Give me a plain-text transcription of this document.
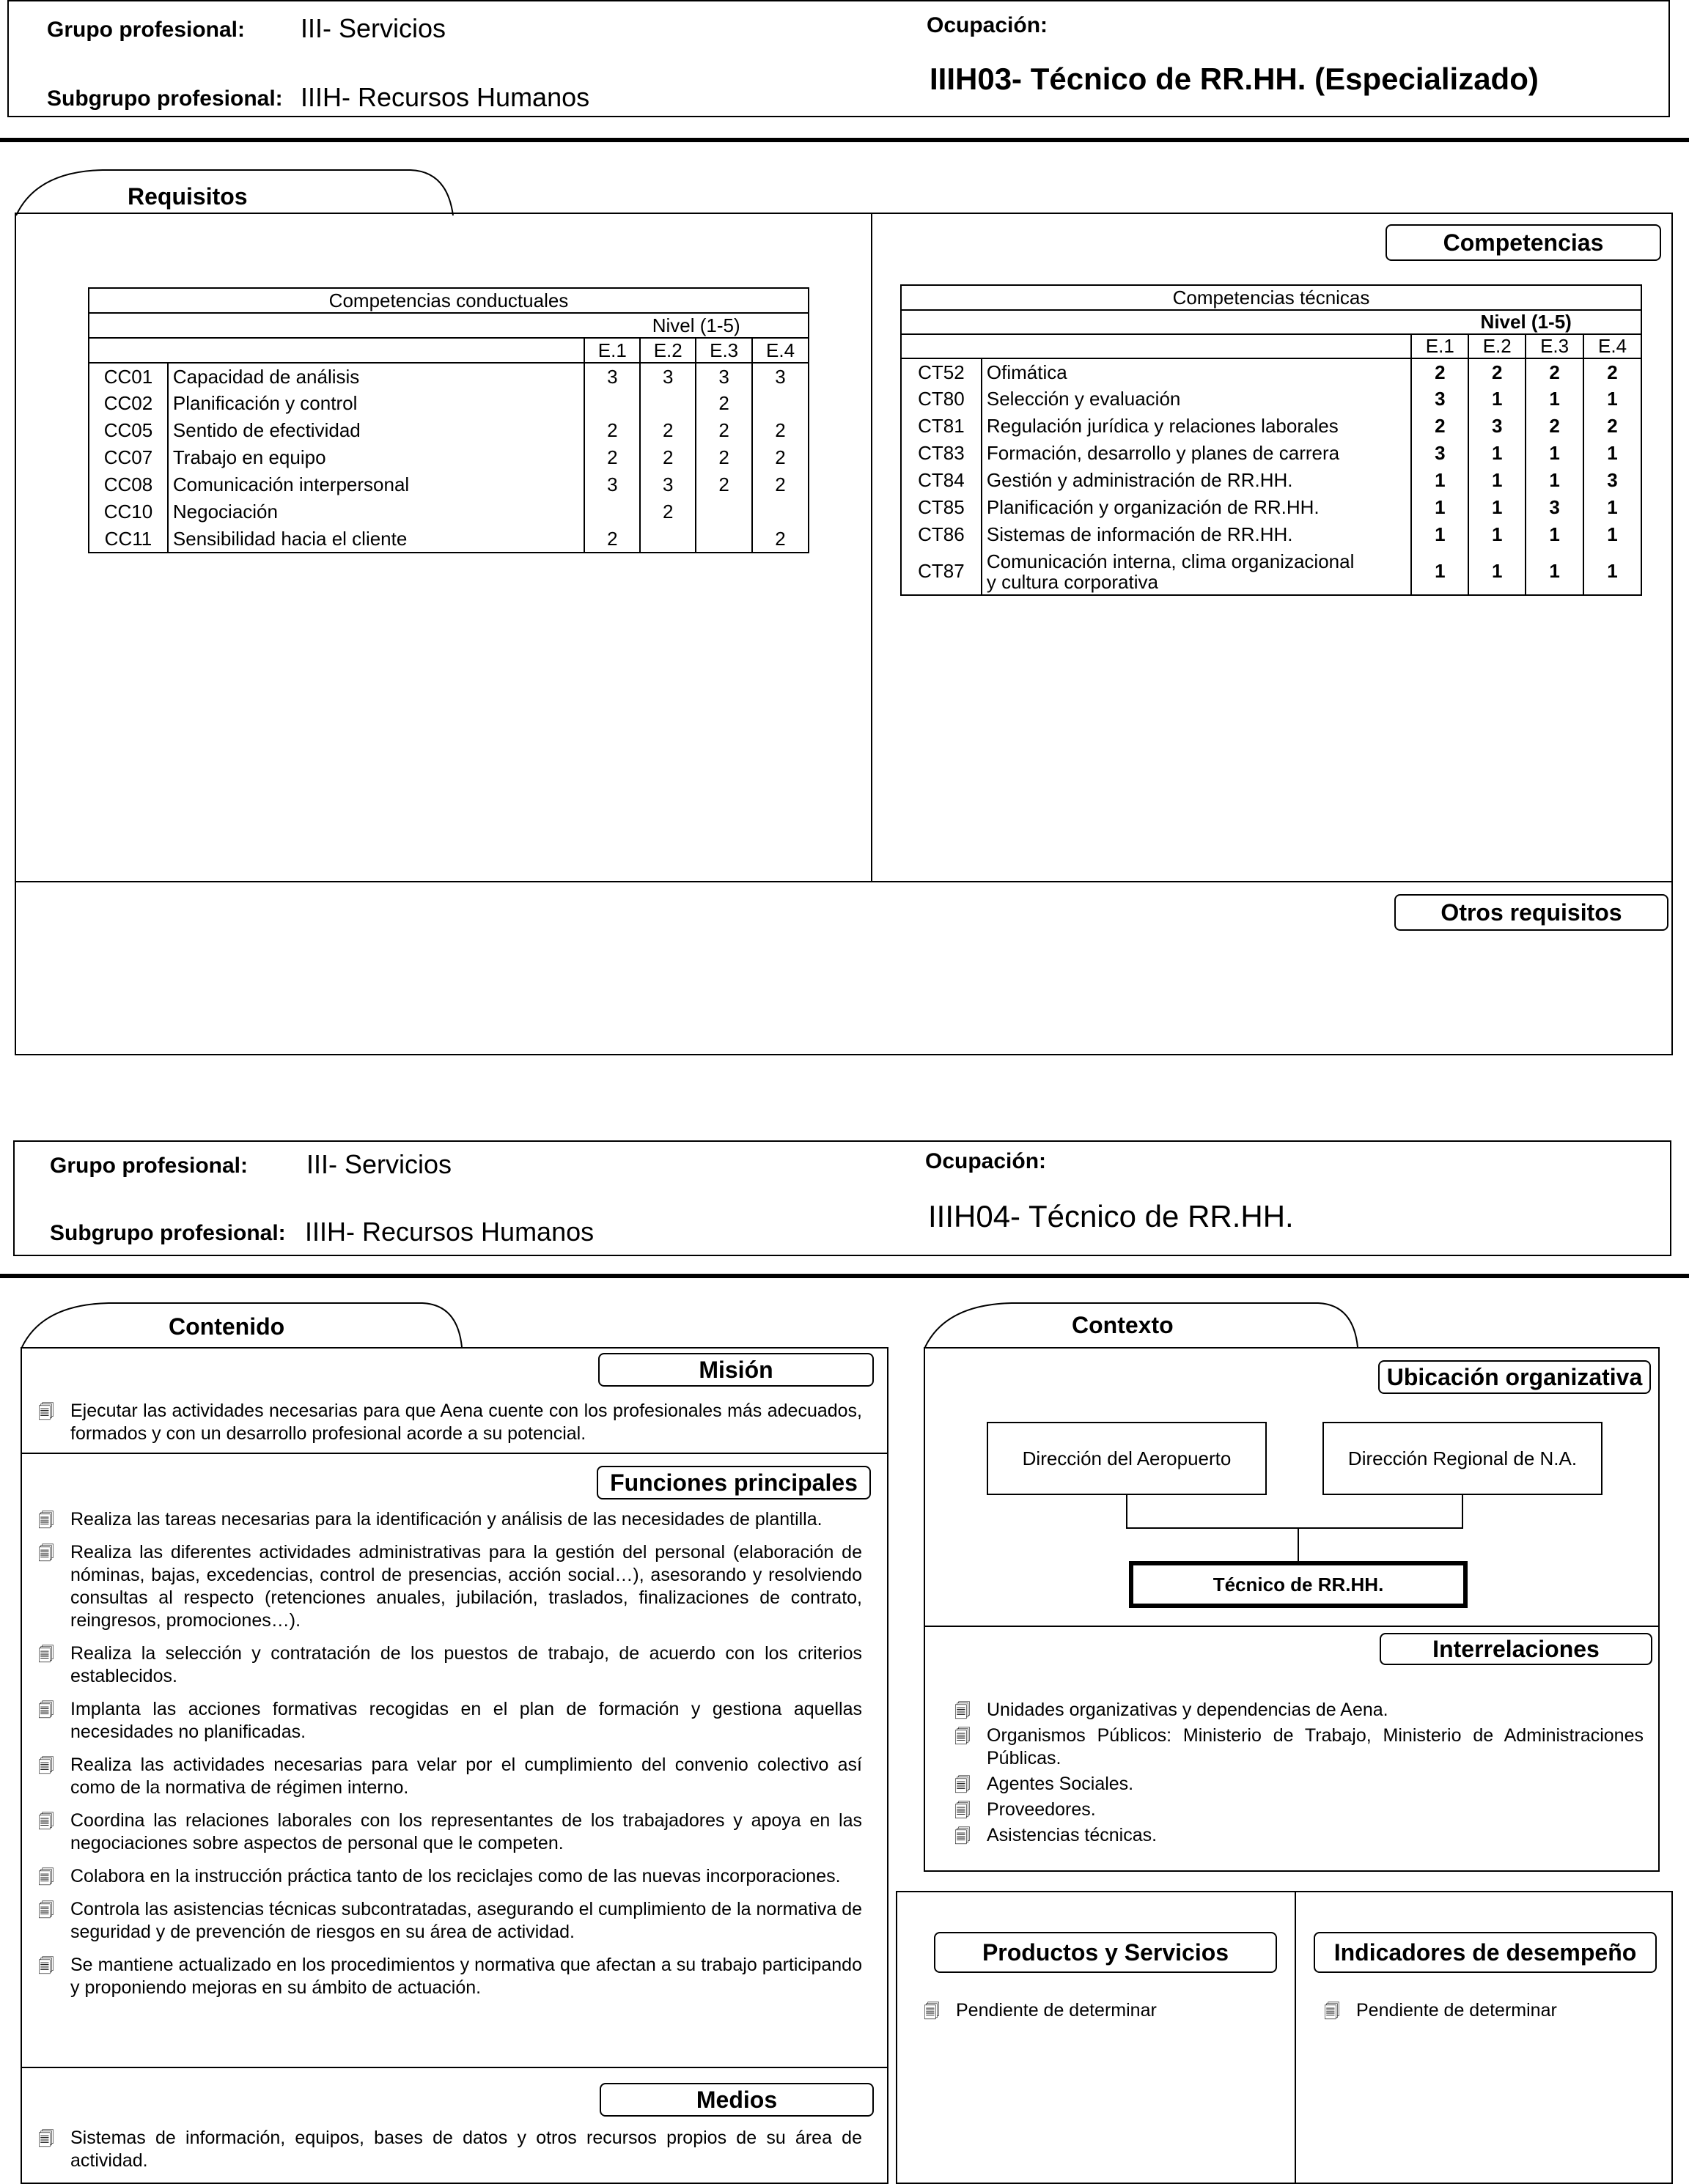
Grupo profesional: III- Servicios
Subgrupo profesional: IIIH- Recursos Humanos
Ocupación:
IIIH03- Técnico de RR.HH. (Especializado)
Requisitos
Competencias
Competencias conductuales					
		Nivel (1-5)			
		E.1	E.2	E.3	E.4
CC01	Capacidad de análisis	3	3	3	3
CC02	Planificación y control			2	
CC05	Sentido de efectividad	2	2	2	2
CC07	Trabajo en equipo	2	2	2	2
CC08	Comunicación interpersonal	3	3	2	2
CC10	Negociación		2		
CC11	Sensibilidad hacia el cliente	2			2
Competencias técnicas					
		Nivel (1-5)			
		E.1	E.2	E.3	E.4
CT52	Ofimática	2	2	2	2
CT80	Selección y evaluación	3	1	1	1
CT81	Regulación jurídica y relaciones laborales	2	3	2	2
CT83	Formación, desarrollo y planes de carrera	3	1	1	1
CT84	Gestión y administración de RR.HH.	1	1	1	3
CT85	Planificación y organización de RR.HH.	1	1	3	1
CT86	Sistemas de información de RR.HH.	1	1	1	1
CT87	Comunicación interna, clima organizacional
y cultura corporativa	1	1	1	1
Otros requisitos
Grupo profesional: III- Servicios
Subgrupo profesional: IIIH- Recursos Humanos
Ocupación:
IIIH04- Técnico de RR.HH.
Contenido
Misión
🗐 Ejecutar las actividades necesarias para que Aena cuente con los profesionales más adecuados, formados y con un desarrollo profesional acorde a su potencial.
Funciones principales
🗐 Realiza las tareas necesarias para la identificación y análisis de las necesidades de plantilla.
🗐 Realiza las diferentes actividades administrativas para la gestión del personal (elaboración de nóminas, bajas, excedencias, control de presencias, acción social…), asesorando y resolviendo consultas al respecto (retenciones anuales, jubilación, traslados, finalizaciones de contrato, reingresos, promociones…).
🗐 Realiza la selección y contratación de los puestos de trabajo, de acuerdo con los criterios establecidos.
🗐 Implanta las acciones formativas recogidas en el plan de formación y gestiona aquellas necesidades no planificadas.
🗐 Realiza las actividades necesarias para velar por el cumplimiento del convenio colectivo así como de la normativa de régimen interno.
🗐 Coordina las relaciones laborales con los representantes de los trabajadores y apoya en las negociaciones sobre aspectos de personal que le competen.
🗐 Colabora en la instrucción práctica tanto de los reciclajes como de las nuevas incorporaciones.
🗐 Controla las asistencias técnicas subcontratadas, asegurando el cumplimiento de la normativa de seguridad y de prevención de riesgos en su área de actividad.
🗐 Se mantiene actualizado en los procedimientos y normativa que afectan a su trabajo participando y proponiendo mejoras en su ámbito de actuación.
Medios
🗐 Sistemas de información, equipos, bases de datos y otros recursos propios de su área de actividad.
Contexto
Ubicación organizativa
Dirección del Aeropuerto	Dirección Regional de N.A.
Técnico de RR.HH.
Interrelaciones
🗐 Unidades organizativas y dependencias de Aena.
🗐 Organismos Públicos: Ministerio de Trabajo, Ministerio de Administraciones Públicas.
🗐 Agentes Sociales.
🗐 Proveedores.
🗐 Asistencias técnicas.
Productos y Servicios	Indicadores de desempeño
🗐 Pendiente de determinar	🗐 Pendiente de determinar
